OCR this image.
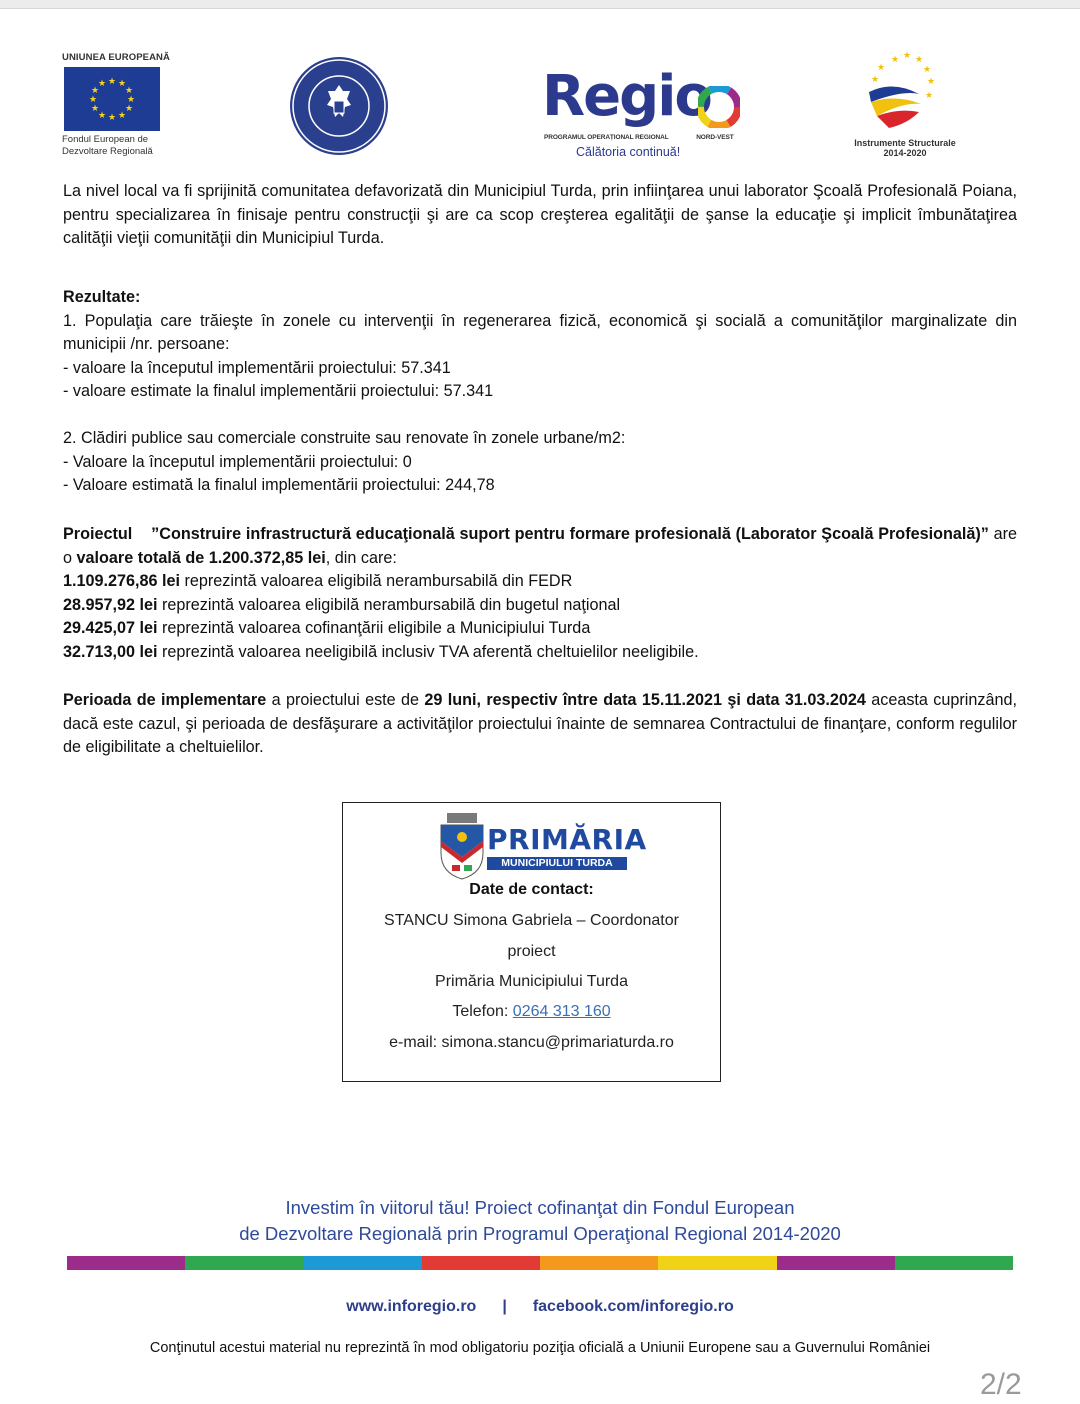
UNIUNEA EUROPEANĂ
★ ★
★
★
★
★
★
★
★
★
★
★
Fondul European de
Dezvoltare Regională
Regio
PROGRAMUL OPERAȚIONAL REGIONAL	NORD-VEST
Călătoria continuă!
★ ★ ★
★
★
★
★
★
Instrumente Structurale
2014-2020
La nivel local va fi sprijinită comunitatea defavorizată din Municipiul Turda, prin infiinţarea unui laborator Şcoală Profesională Poiana, pentru specializarea în finisaje pentru construcţii şi are ca scop creşterea egalităţii de şanse la educaţie şi implicit îmbunătaţirea calităţii vieţii comunităţii din Municipiul Turda.
Rezultate:
1. Populaţia care trăieşte în zonele cu intervenţii în regenerarea fizică, economică şi socială a comunităţilor marginalizate din municipii /nr. persoane:
- valoare la începutul implementării proiectului: 57.341
- valoare estimate la finalul implementării proiectului: 57.341
2. Clădiri publice sau comerciale construite sau renovate în zonele urbane/m2:
- Valoare la începutul implementării proiectului: 0
- Valoare estimată la finalul implementării proiectului: 244,78
Proiectul ”Construire infrastructură educaţională suport pentru formare profesională (Laborator Şcoală Profesională)” are o valoare totală de 1.200.372,85 lei, din care:
1.109.276,86 lei reprezintă valoarea eligibilă nerambursabilă din FEDR
28.957,92 lei reprezintă valoarea eligibilă nerambursabilă din bugetul naţional
29.425,07 lei reprezintă valoarea cofinanţării eligibile a Municipiului Turda
32.713,00 lei reprezintă valoarea neeligibilă inclusiv TVA aferentă cheltuielilor neeligibile.
Perioada de implementare a proiectului este de 29 luni, respectiv între data 15.11.2021 şi data 31.03.2024 aceasta cuprinzând, dacă este cazul, şi perioada de desfăşurare a activităţilor proiectului înainte de semnarea Contractului de finanţare, conform regulilor de eligibilitate a cheltuielilor.
PRIMĂRIA
MUNICIPIULUI TURDA
Date de contact:
STANCU Simona Gabriela – Coordonator
proiect
Primăria Municipiului Turda
Telefon: 0264 313 160
e-mail: simona.stancu@primariaturda.ro
Investim în viitorul tău! Proiect cofinanţat din Fondul European
de Dezvoltare Regională prin Programul Operaţional Regional 2014-2020
www.inforegio.ro | facebook.com/inforegio.ro
Conţinutul acestui material nu reprezintă în mod obligatoriu poziţia oficială a Uniunii Europene sau a Guvernului României
2/2
